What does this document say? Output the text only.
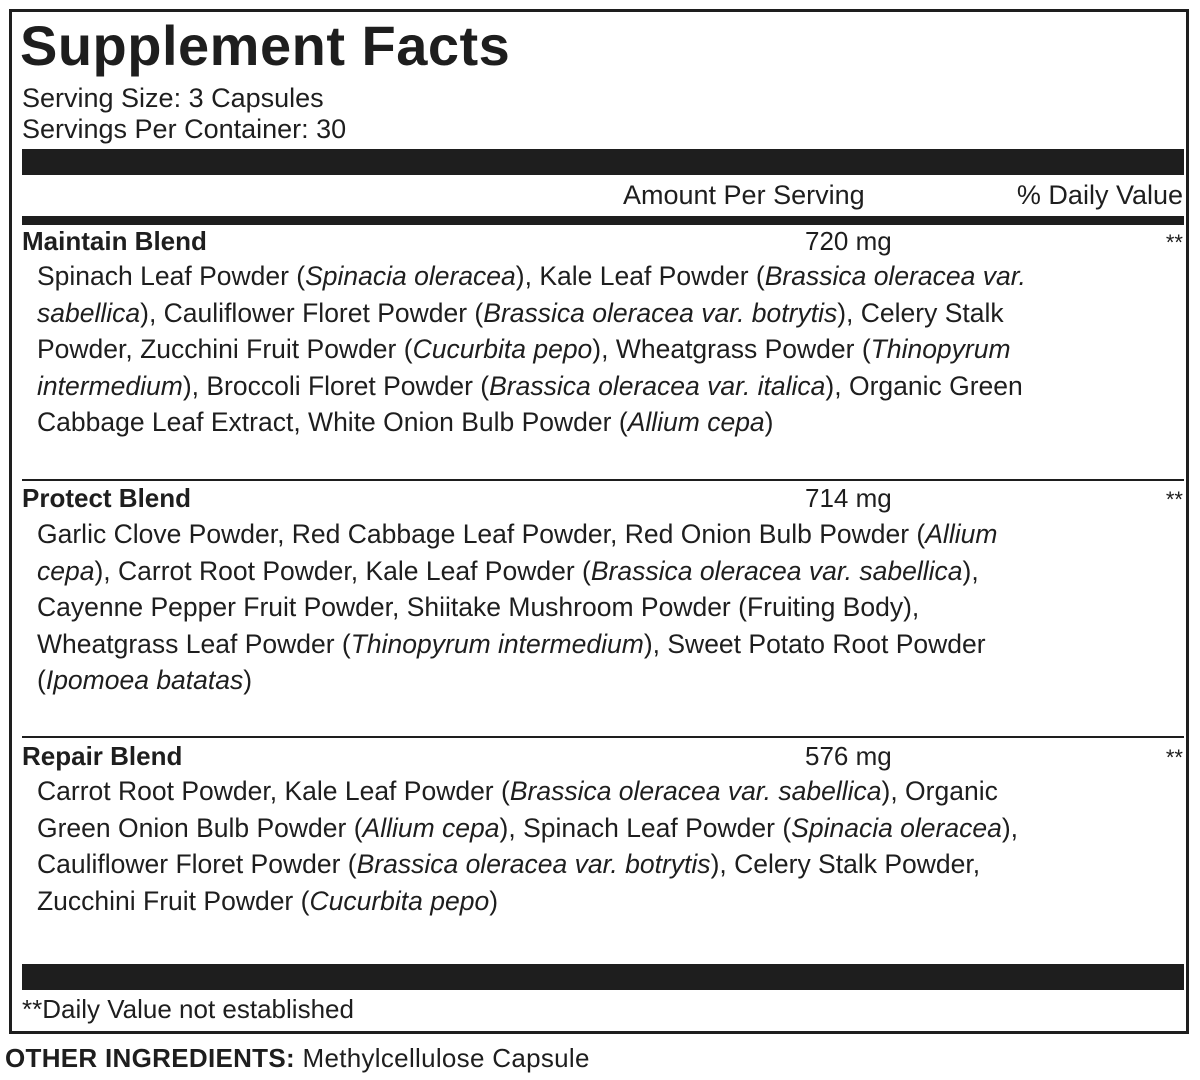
Supplement Facts
Serving Size: 3 Capsules
Servings Per Container: 30
Amount Per Serving	% Daily Value
Maintain Blend	720 mg	**
Spinach Leaf Powder (Spinacia oleracea), Kale Leaf Powder (Brassica oleracea var. sabellica), Cauliflower Floret Powder (Brassica oleracea var. botrytis), Celery Stalk Powder, Zucchini Fruit Powder (Cucurbita pepo), Wheatgrass Powder (Thinopyrum intermedium), Broccoli Floret Powder (Brassica oleracea var. italica), Organic Green Cabbage Leaf Extract, White Onion Bulb Powder (Allium cepa)
Protect Blend	714 mg	**
Garlic Clove Powder, Red Cabbage Leaf Powder, Red Onion Bulb Powder (Allium cepa), Carrot Root Powder, Kale Leaf Powder (Brassica oleracea var. sabellica), Cayenne Pepper Fruit Powder, Shiitake Mushroom Powder (Fruiting Body), Wheatgrass Leaf Powder (Thinopyrum intermedium), Sweet Potato Root Powder (Ipomoea batatas)
Repair Blend	576 mg	**
Carrot Root Powder, Kale Leaf Powder (Brassica oleracea var. sabellica), Organic Green Onion Bulb Powder (Allium cepa), Spinach Leaf Powder (Spinacia oleracea), Cauliflower Floret Powder (Brassica oleracea var. botrytis), Celery Stalk Powder, Zucchini Fruit Powder (Cucurbita pepo)
**Daily Value not established
OTHER INGREDIENTS: Methylcellulose Capsule
